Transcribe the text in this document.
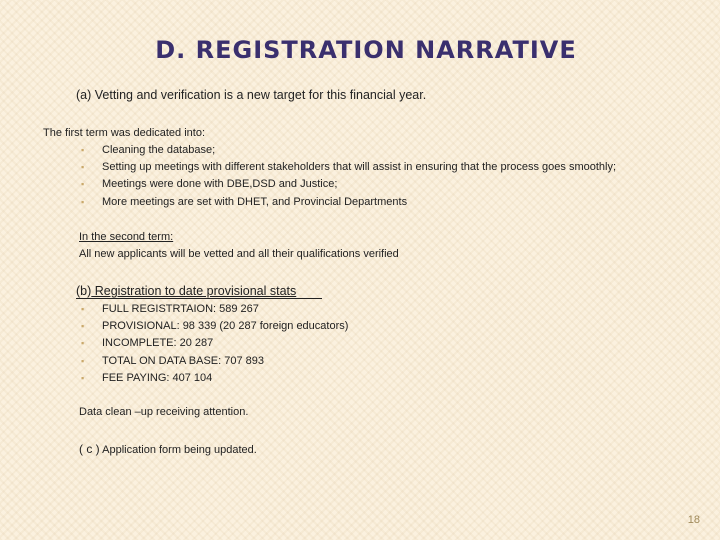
D. REGISTRATION NARRATIVE
(a) Vetting and verification is a new target for this financial year.
The first term was dedicated into:
▪ Cleaning the database;
▪ Setting up meetings with different stakeholders that will assist in ensuring that the process goes smoothly;
▪ Meetings were done with DBE,DSD and Justice;
▪ More meetings are set with DHET, and Provincial Departments
In the second term:
All new applicants will be vetted and all their qualifications verified
(b) Registration to date provisional stats
▪ FULL REGISTRTAION: 589 267
▪ PROVISIONAL: 98 339 (20 287 foreign educators)
▪ INCOMPLETE: 20 287
▪ TOTAL ON DATA BASE: 707 893
▪ FEE PAYING: 407 104
Data clean –up receiving attention.
( c ) Application form being updated.
18
